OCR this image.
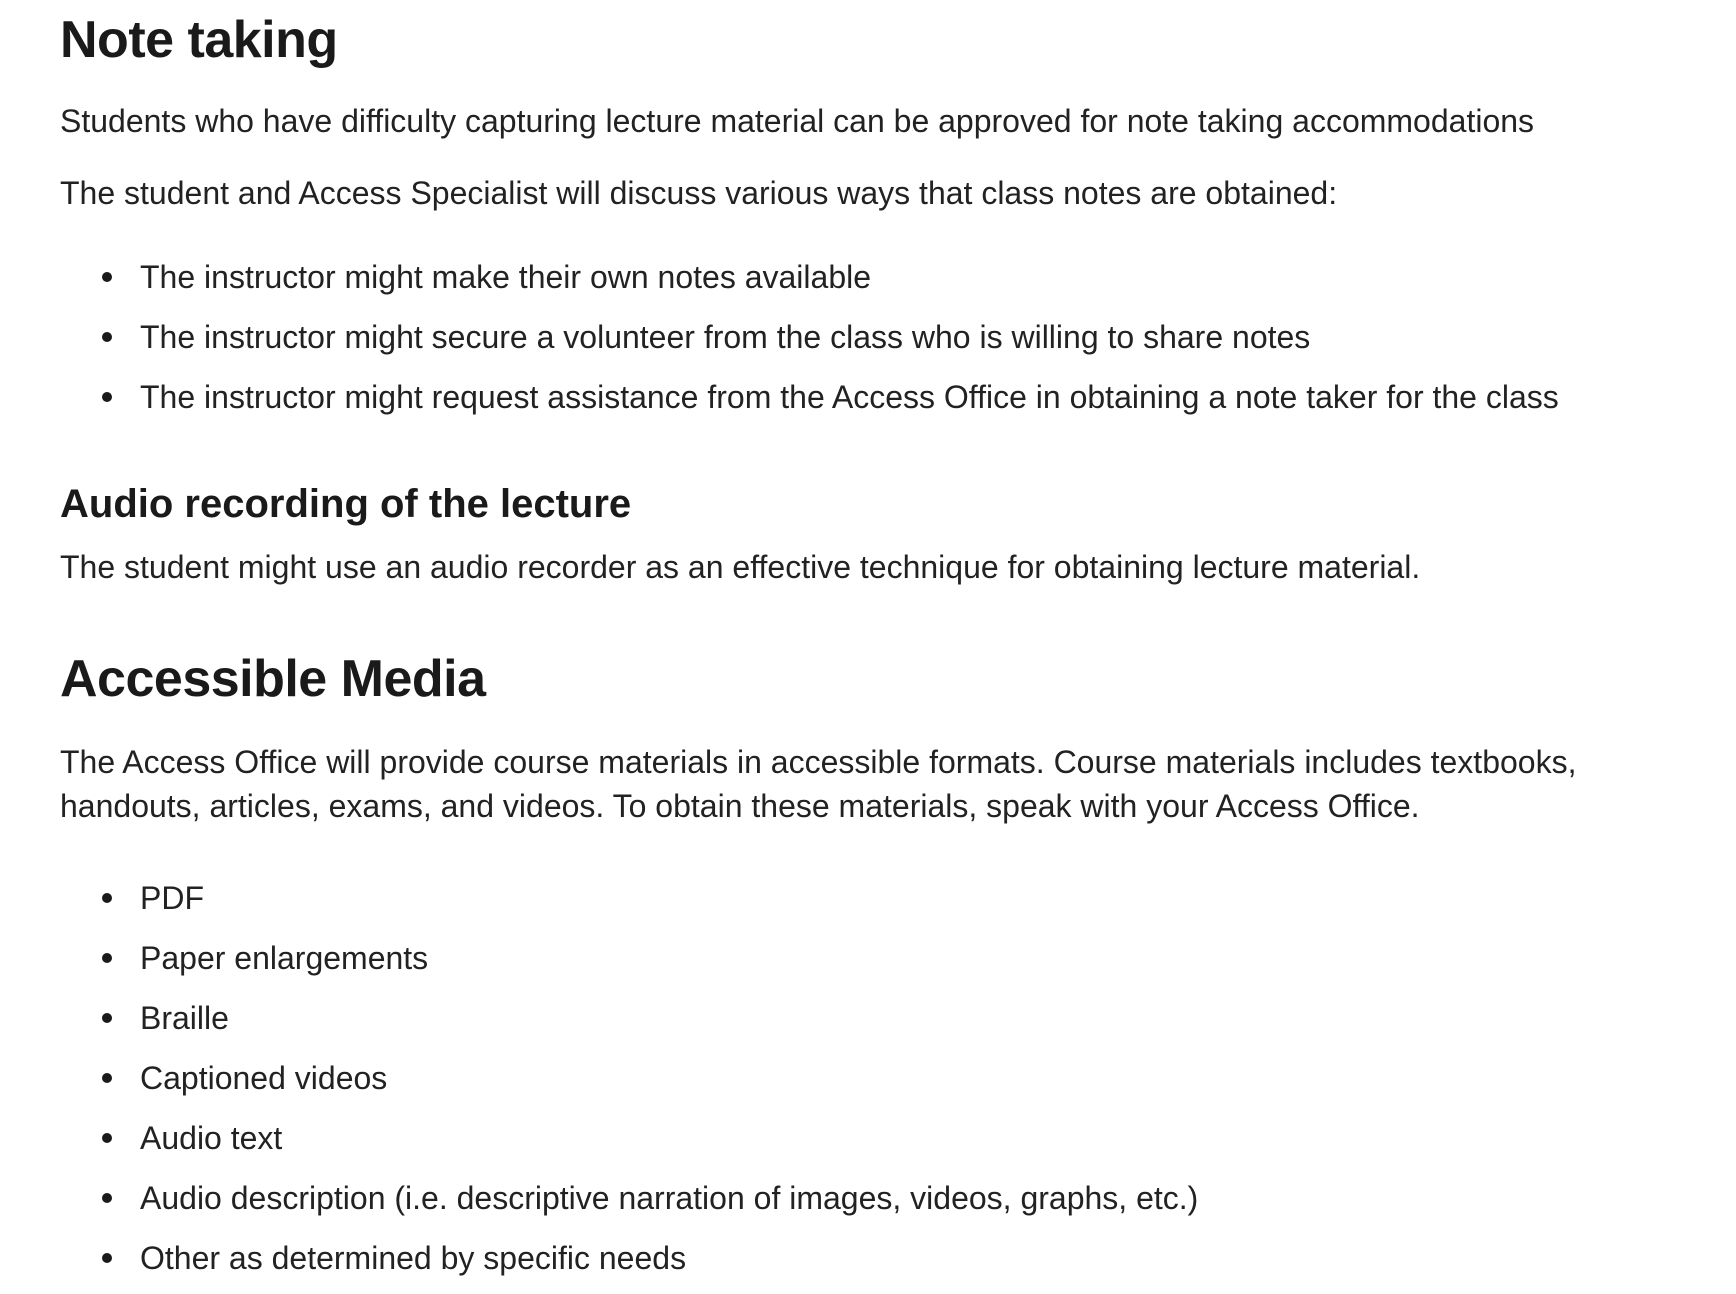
Note taking

Students who have difficulty capturing lecture material can be approved for note taking accommodations

The student and Access Specialist will discuss various ways that class notes are obtained:

The instructor might make their own notes available
The instructor might secure a volunteer from the class who is willing to share notes
The instructor might request assistance from the Access Office in obtaining a note taker for the class
Audio recording of the lecture

The student might use an audio recorder as an effective technique for obtaining lecture material.

Accessible Media

The Access Office will provide course materials in accessible formats. Course materials includes textbooks, handouts, articles, exams, and videos. To obtain these materials, speak with your Access Office.

PDF
Paper enlargements
Braille
Captioned videos
Audio text
Audio description (i.e. descriptive narration of images, videos, graphs, etc.)
Other as determined by specific needs
